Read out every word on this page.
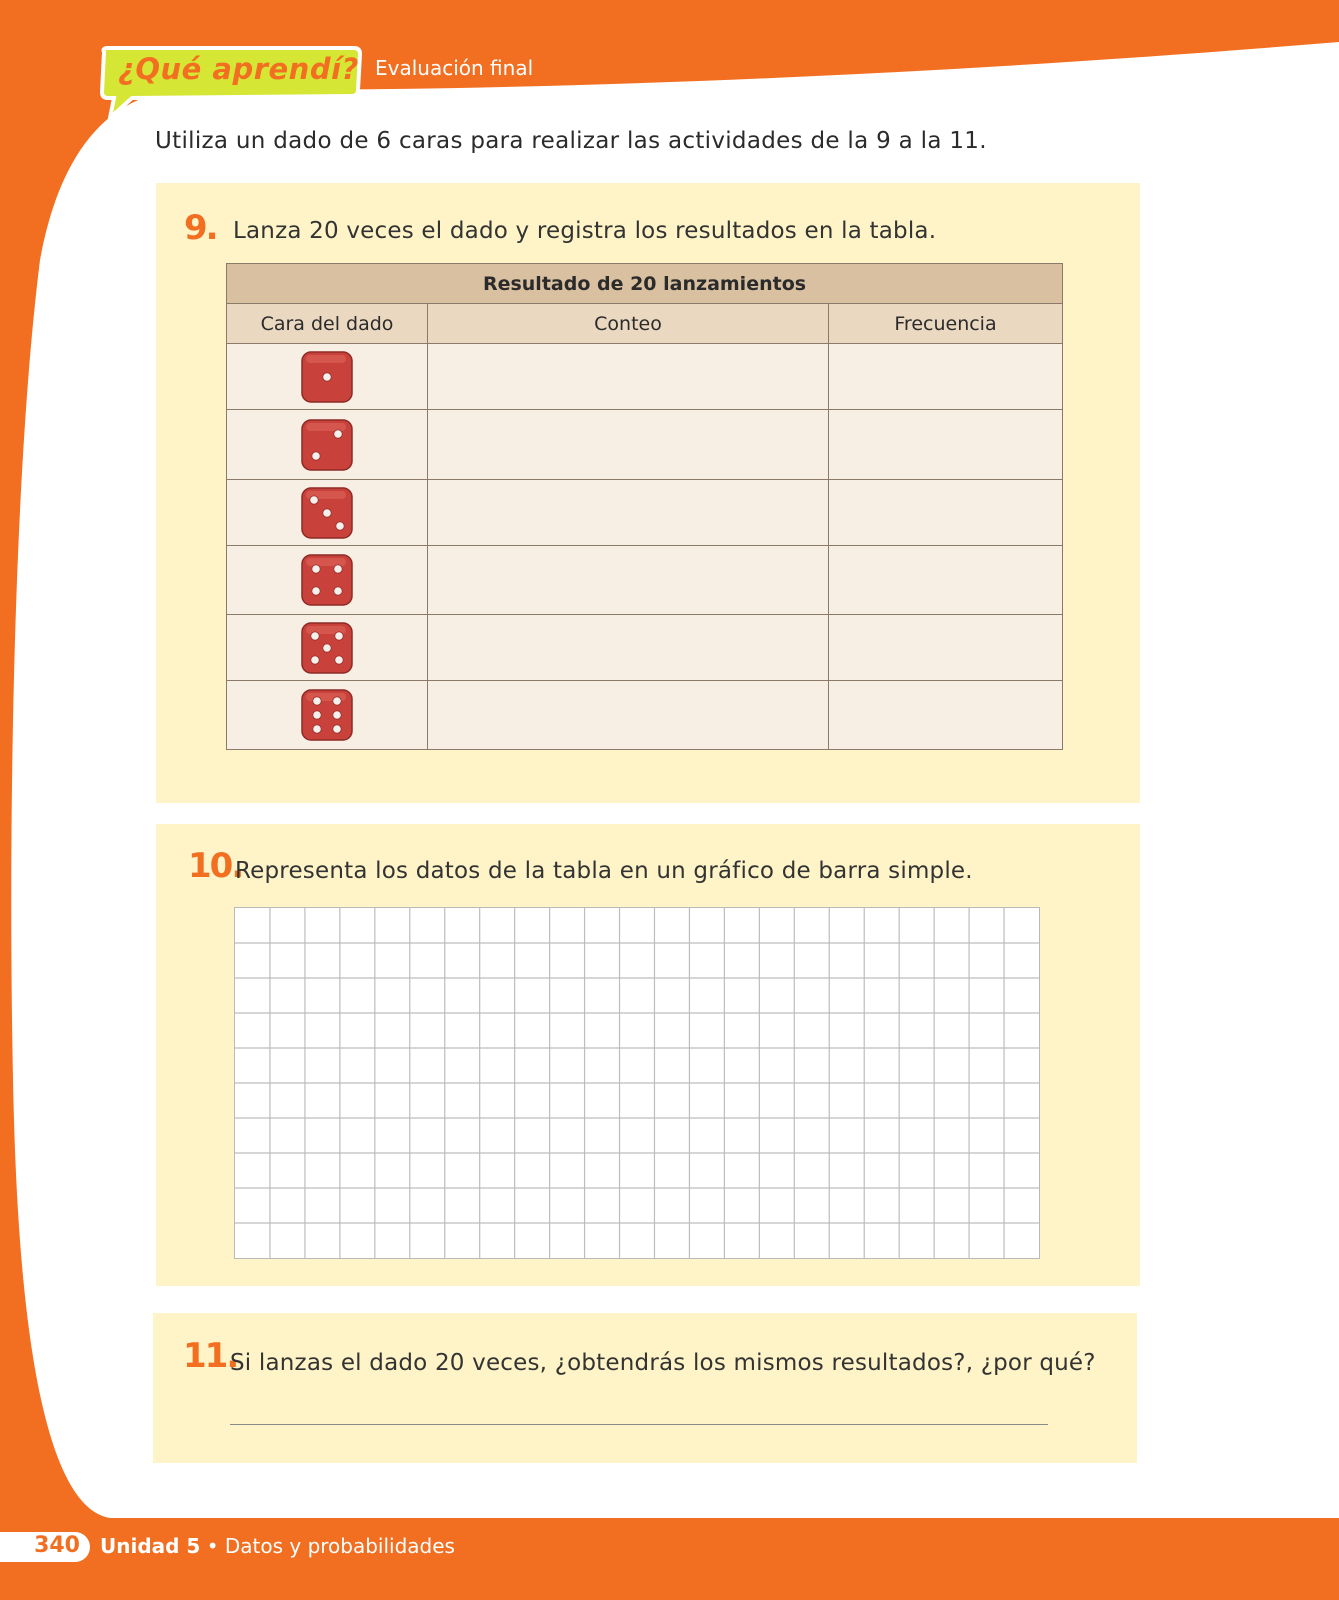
¿Qué aprendí? Evaluación final
Utiliza un dado de 6 caras para realizar las actividades de la 9 a la 11.
9. Lanza 20 veces el dado y registra los resultados en la tabla.
Resultado de 20 lanzamientos		
Cara del dado	Conteo	Frecuencia

10.
Representa los datos de la tabla en un gráfico de barra simple.
11.
Si lanzas el dado 20 veces, ¿obtendrás los mismos resultados?, ¿por qué?
340 Unidad 5 • Datos y probabilidades
